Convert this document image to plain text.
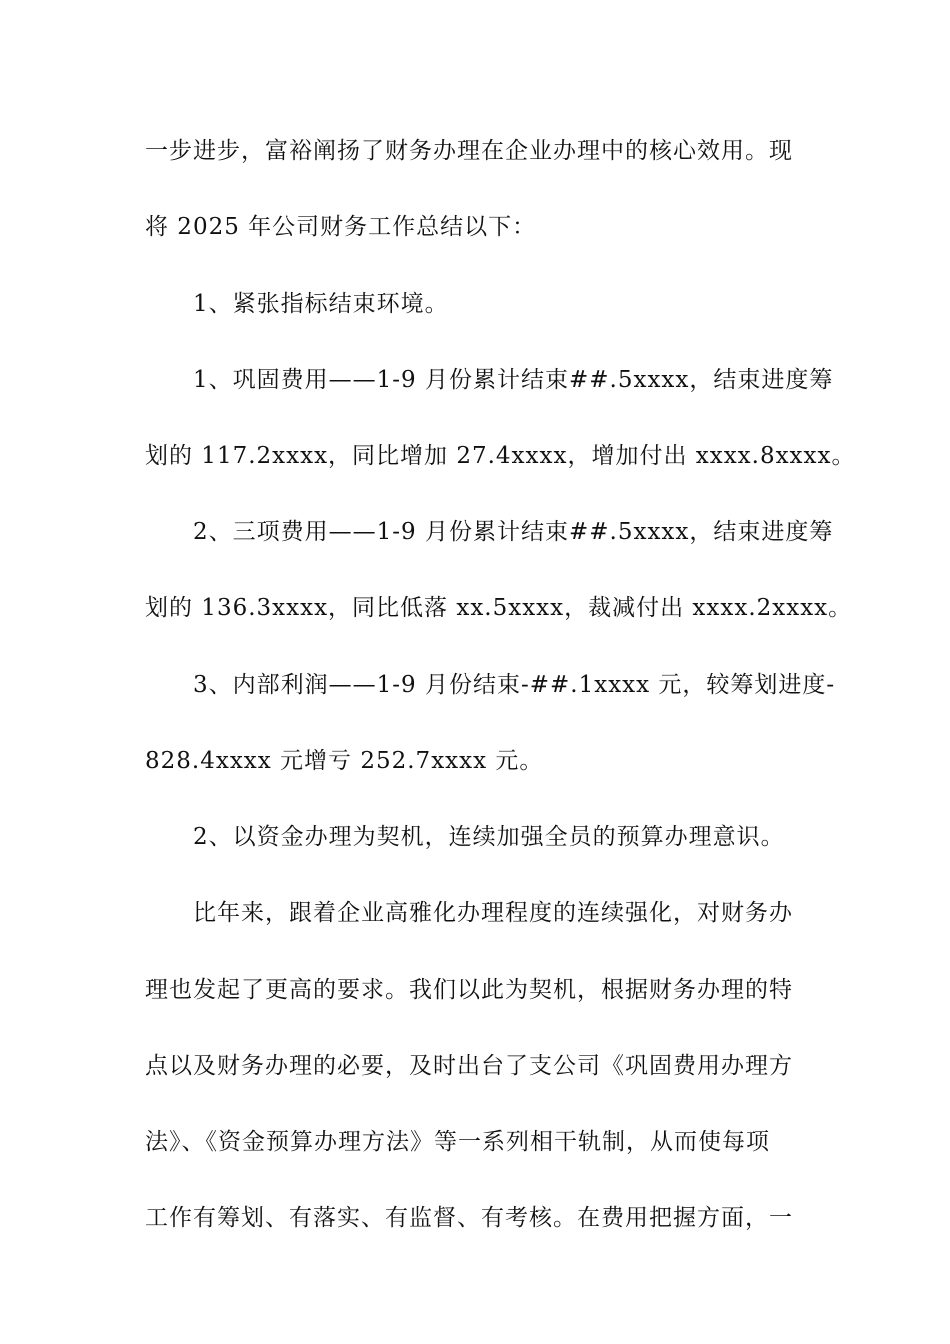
一步进步，富裕阐扬了财务办理在企业办理中的核心效用。现
将 2025 年公司财务工作总结以下：
1、紧张指标结束环境。
1、巩固费用——1-9 月份累计结束##.5xxxx，结束进度筹
划的 117.2xxxx，同比增加 27.4xxxx，增加付出 xxxx.8xxxx。
2、三项费用——1-9 月份累计结束##.5xxxx，结束进度筹
划的 136.3xxxx，同比低落 xx.5xxxx，裁减付出 xxxx.2xxxx。
3、内部利润——1-9 月份结束-##.1xxxx 元，较筹划进度-
828.4xxxx 元增亏 252.7xxxx 元。
2、以资金办理为契机，连续加强全员的预算办理意识。
比年来，跟着企业高雅化办理程度的连续强化，对财务办
理也发起了更高的要求。我们以此为契机，根据财务办理的特
点以及财务办理的必要，及时出台了支公司《巩固费用办理方
法》、《资金预算办理方法》等一系列相干轨制，从而使每项
工作有筹划、有落实、有监督、有考核。在费用把握方面，一
